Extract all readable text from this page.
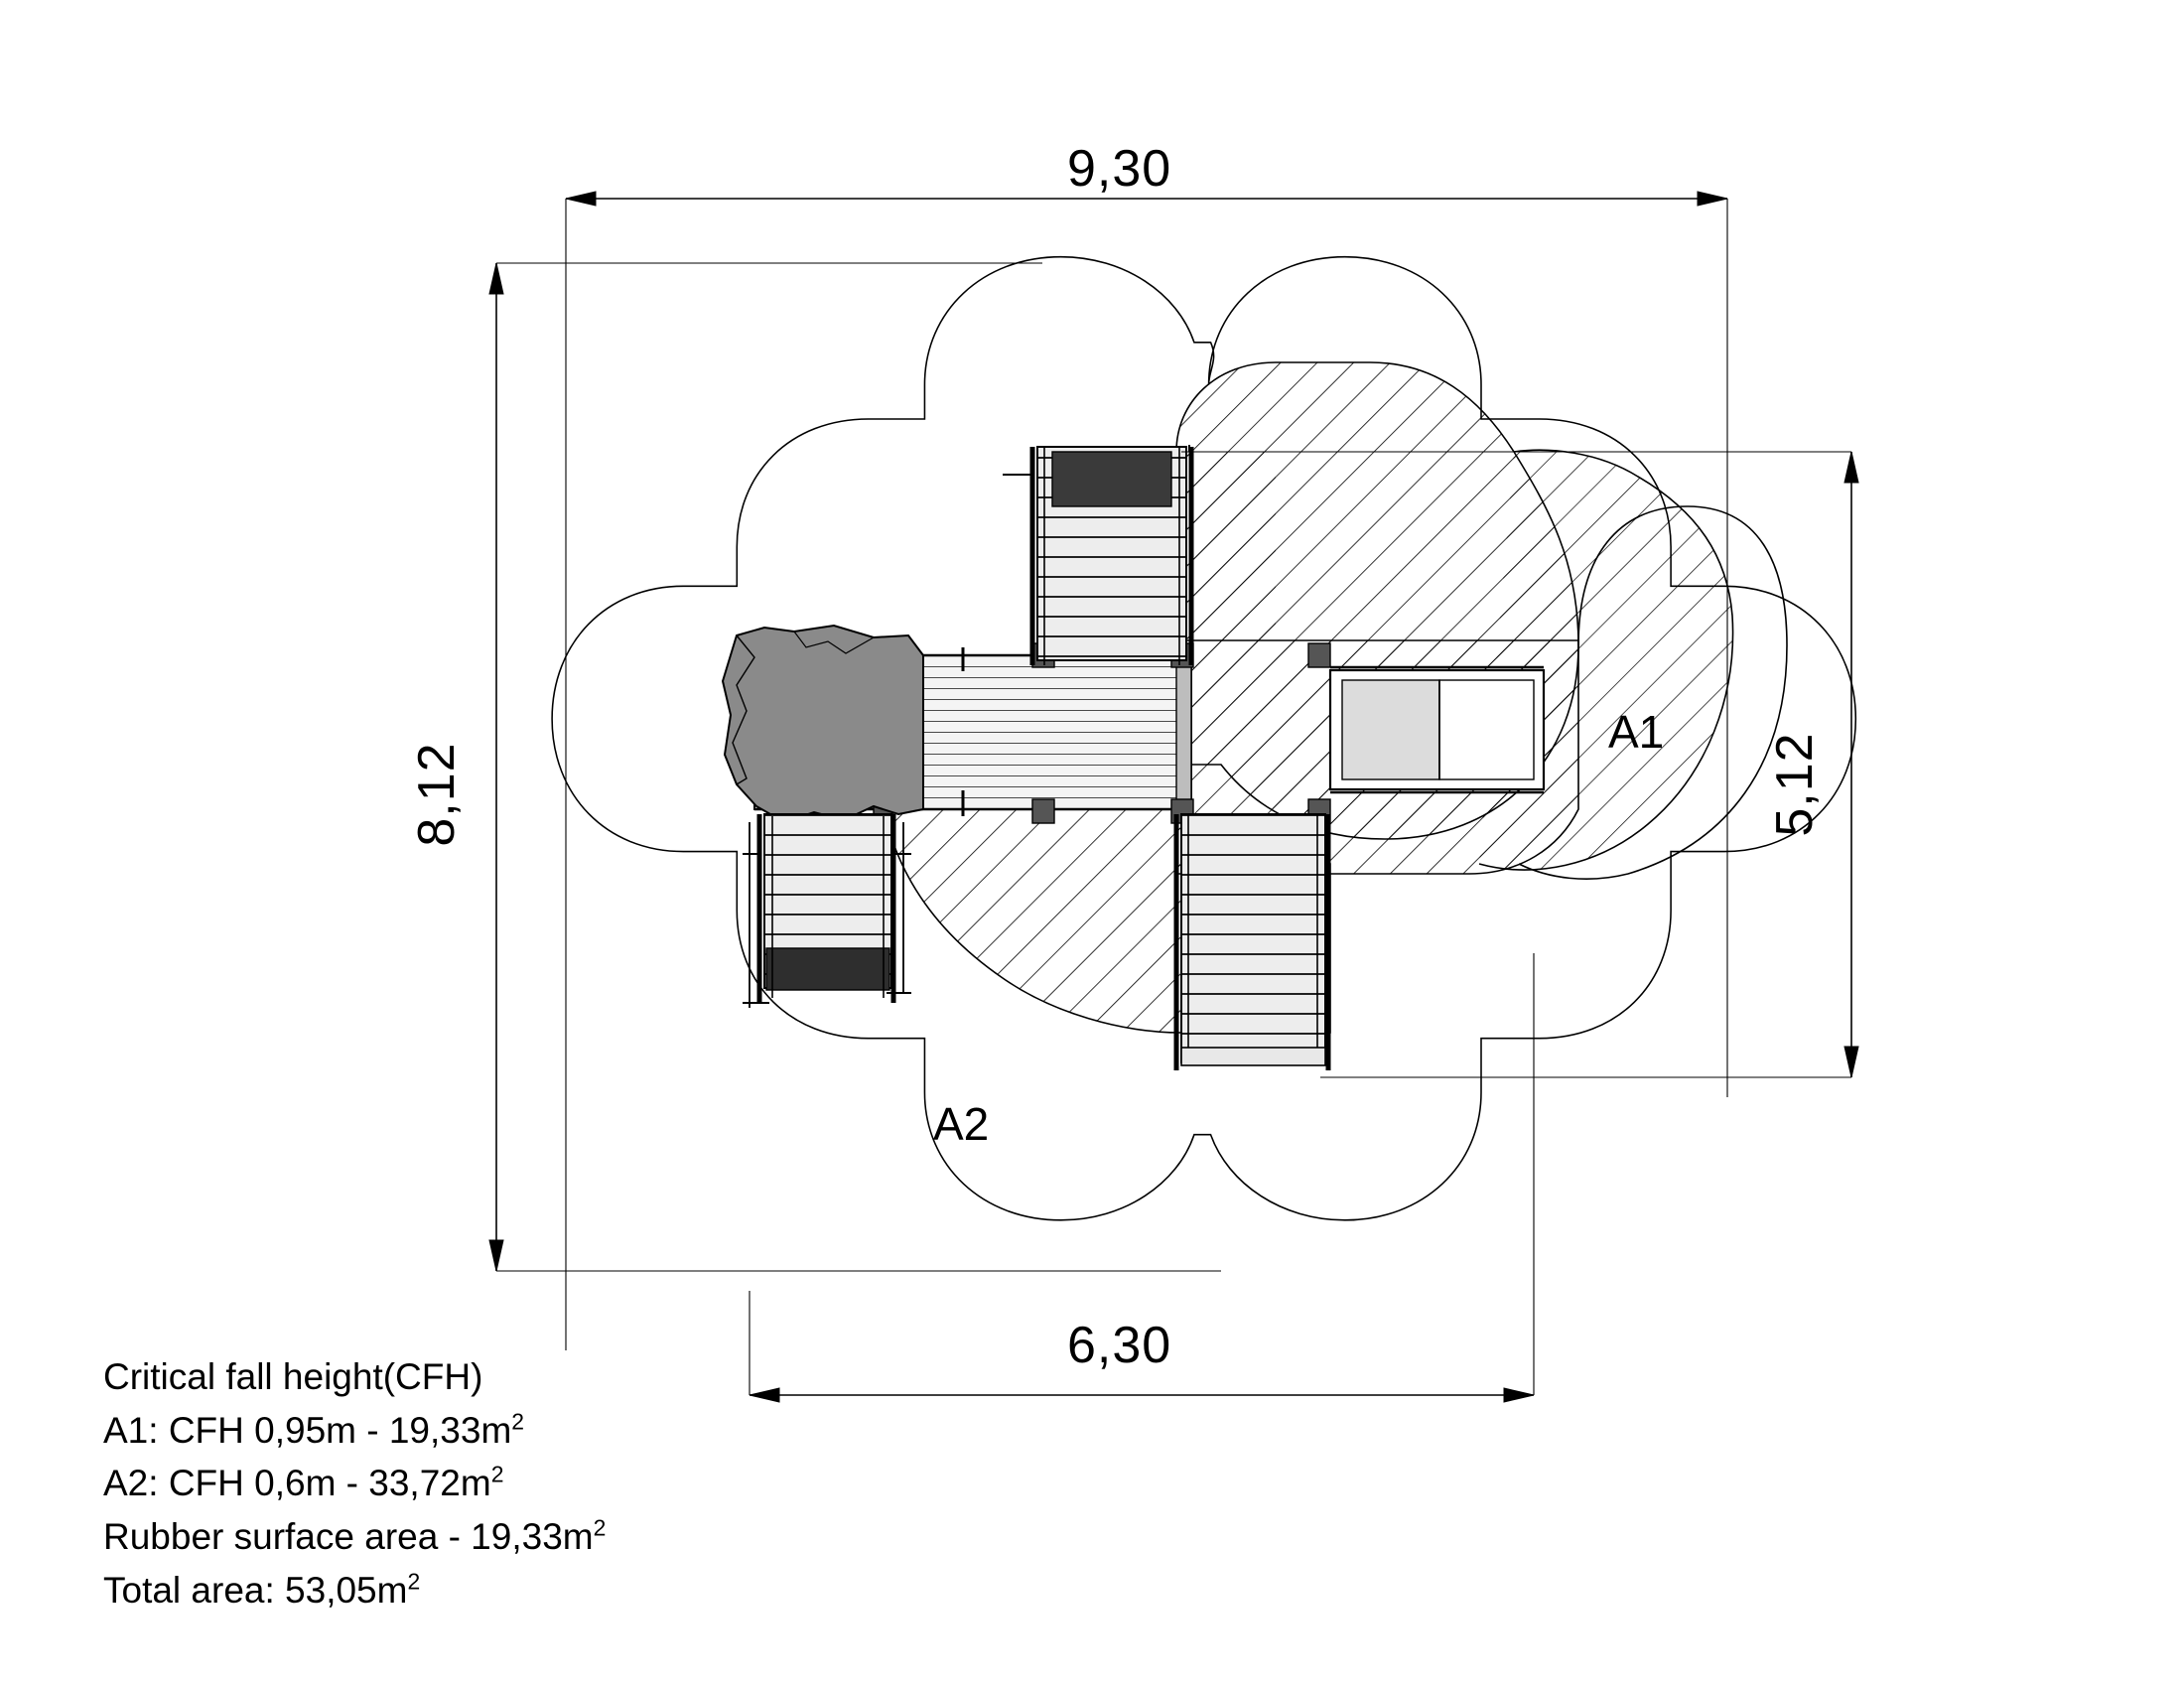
9,30
6,30
8,12	5,12
A1
A2
Critical fall height(CFH)
A1: CFH $0,95m - 19,33m^2$
A2: CFH $0,6m - 33,72m^2$
Rubber surface area - $19,33m^2$
Total area: $53,05m^2$
